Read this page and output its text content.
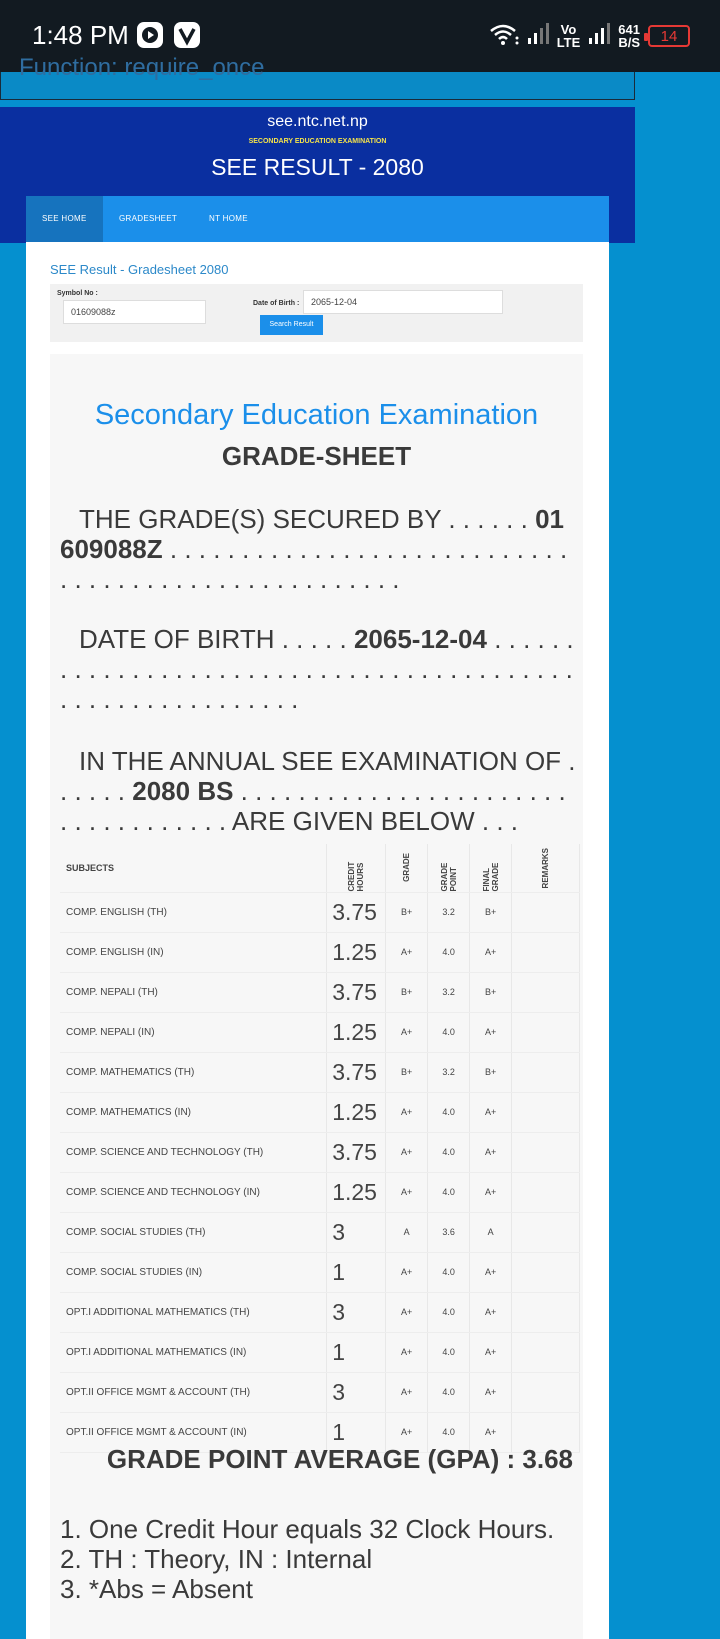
1:48 PM	Vo
LTE
641
B/S	14
Function: require_once
see.ntc.net.np
SECONDARY EDUCATION EXAMINATION
SEE RESULT - 2080
SEE HOME	GRADESHEET	NT HOME
SEE Result - Gradesheet 2080
Symbol No :
01609088z
Date of Birth :	2065-12-04
Search Result
Secondary Education Examination
GRADE-SHEET
THE GRADE(S) SECURED BY . . . . . . 01609088Z . . . . . . . . . . . . . . . . . . . . . . . . . . . . . . . . . . . . . . . . . . . . . . . . . . . .
DATE OF BIRTH . . . . . 2065-12-04 . . . . . . . . . . . . . . . . . . . . . . . . . . . . . . . . . . . . . . . . . . . . . . . . . . . . . . . . . . .
IN THE ANNUAL SEE EXAMINATION OF . . . . . . 2080 BS . . . . . . . . . . . . . . . . . . . . . . . . . . . . . . . . . . . ARE GIVEN BELOW . . .
SUBJECTS	CREDIT HOURS	GRADE	GRADE POINT	FINAL GRADE	REMARKS

COMP. ENGLISH (TH)	3.75	B+	3.2	B+	
COMP. ENGLISH (IN)	1.25	A+	4.0	A+	
COMP. NEPALI (TH)	3.75	B+	3.2	B+	
COMP. NEPALI (IN)	1.25	A+	4.0	A+	
COMP. MATHEMATICS (TH)	3.75	B+	3.2	B+	
COMP. MATHEMATICS (IN)	1.25	A+	4.0	A+	
COMP. SCIENCE AND TECHNOLOGY (TH)	3.75	A+	4.0	A+	
COMP. SCIENCE AND TECHNOLOGY (IN)	1.25	A+	4.0	A+	
COMP. SOCIAL STUDIES (TH)	3	A	3.6	A	
COMP. SOCIAL STUDIES (IN)	1	A+	4.0	A+	
OPT.I ADDITIONAL MATHEMATICS (TH)	3	A+	4.0	A+	
OPT.I ADDITIONAL MATHEMATICS (IN)	1	A+	4.0	A+	
OPT.II OFFICE MGMT & ACCOUNT (TH)	3	A+	4.0	A+	
OPT.II OFFICE MGMT & ACCOUNT (IN)	1	A+	4.0	A+	
GRADE POINT AVERAGE (GPA) : 3.68
1. One Credit Hour equals 32 Clock Hours.
2. TH : Theory, IN : Internal
3. *Abs = Absent
